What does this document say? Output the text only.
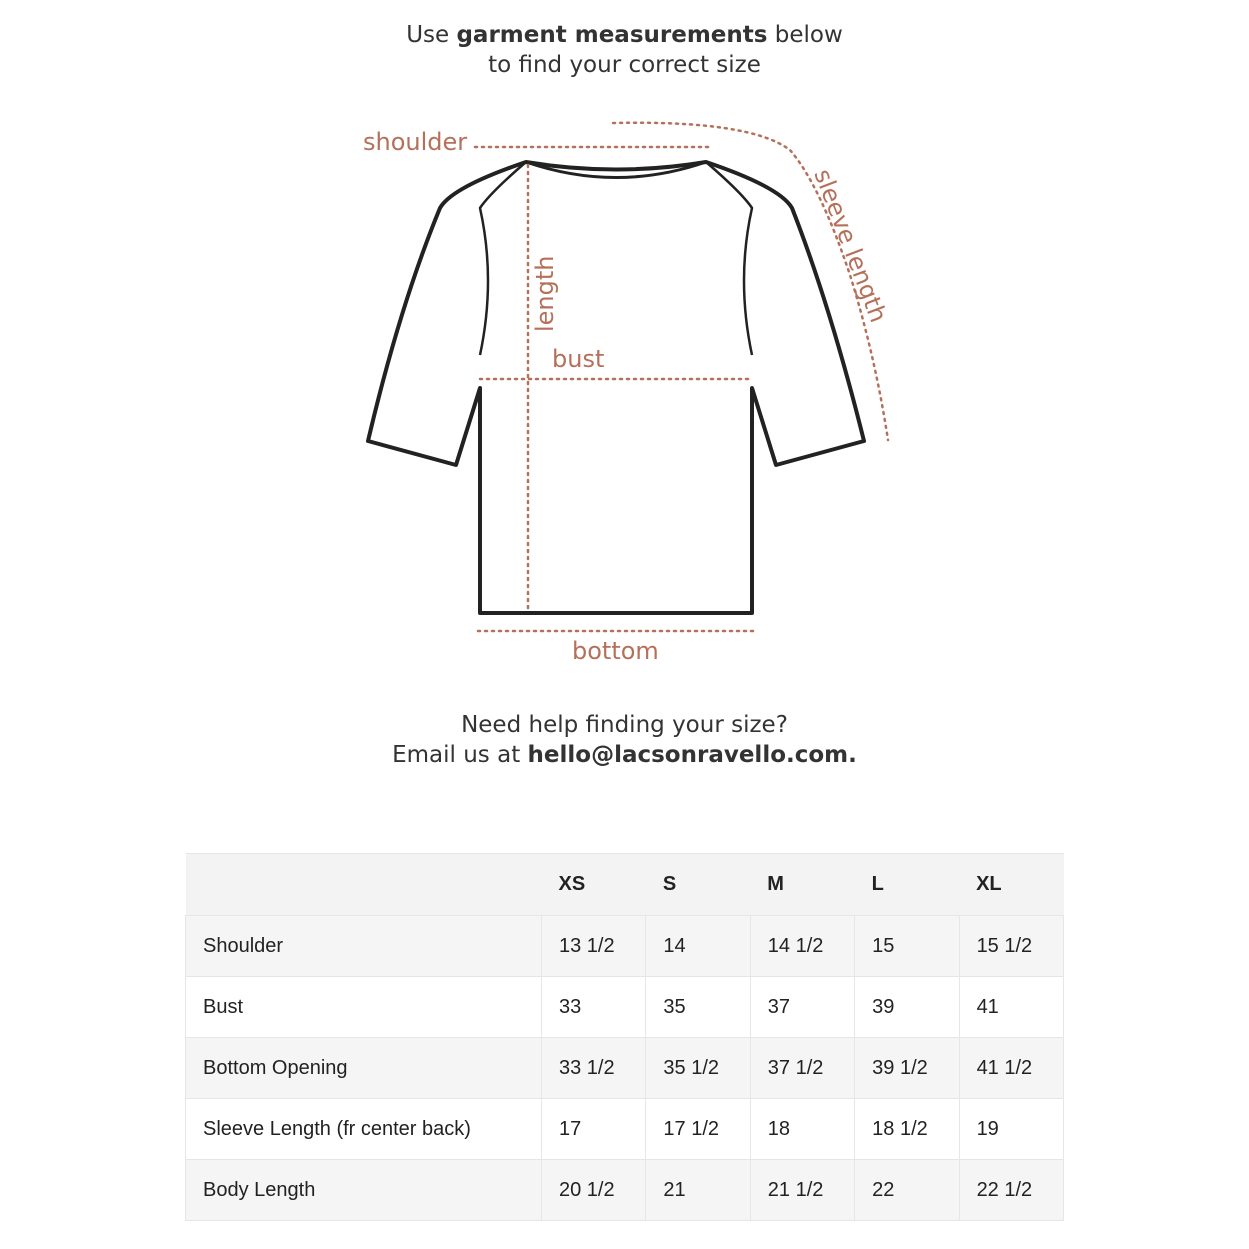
Use garment measurements below
to find your correct size
shoulder
sleeve length
length
bust
bottom
Need help finding your size?
Email us at hello@lacsonravello.com.
	XS	S	M	L	XL
Shoulder	13 1/2	14	14 1/2	15	15 1/2
Bust	33	35	37	39	41
Bottom Opening	33 1/2	35 1/2	37 1/2	39 1/2	41 1/2
Sleeve Length (fr center back)	17	17 1/2	18	18 1/2	19
Body Length	20 1/2	21	21 1/2	22	22 1/2
